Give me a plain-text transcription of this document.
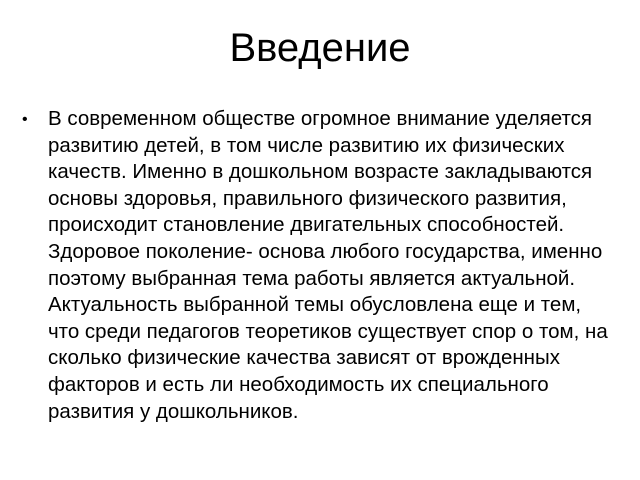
Введение
• В современном обществе огромное внимание уделяется развитию детей, в том числе развитию их физических качеств. Именно в дошкольном возрасте закладываются основы здоровья, правильного физического развития, происходит становление двигательных способностей. Здоровое поколение- основа любого государства, именно поэтому выбранная тема работы является актуальной. Актуальность выбранной темы обусловлена еще и тем, что среди педагогов теоретиков существует спор о том, на сколько физические качества зависят от врожденных факторов и есть ли необходимость их специального развития у дошкольников.
